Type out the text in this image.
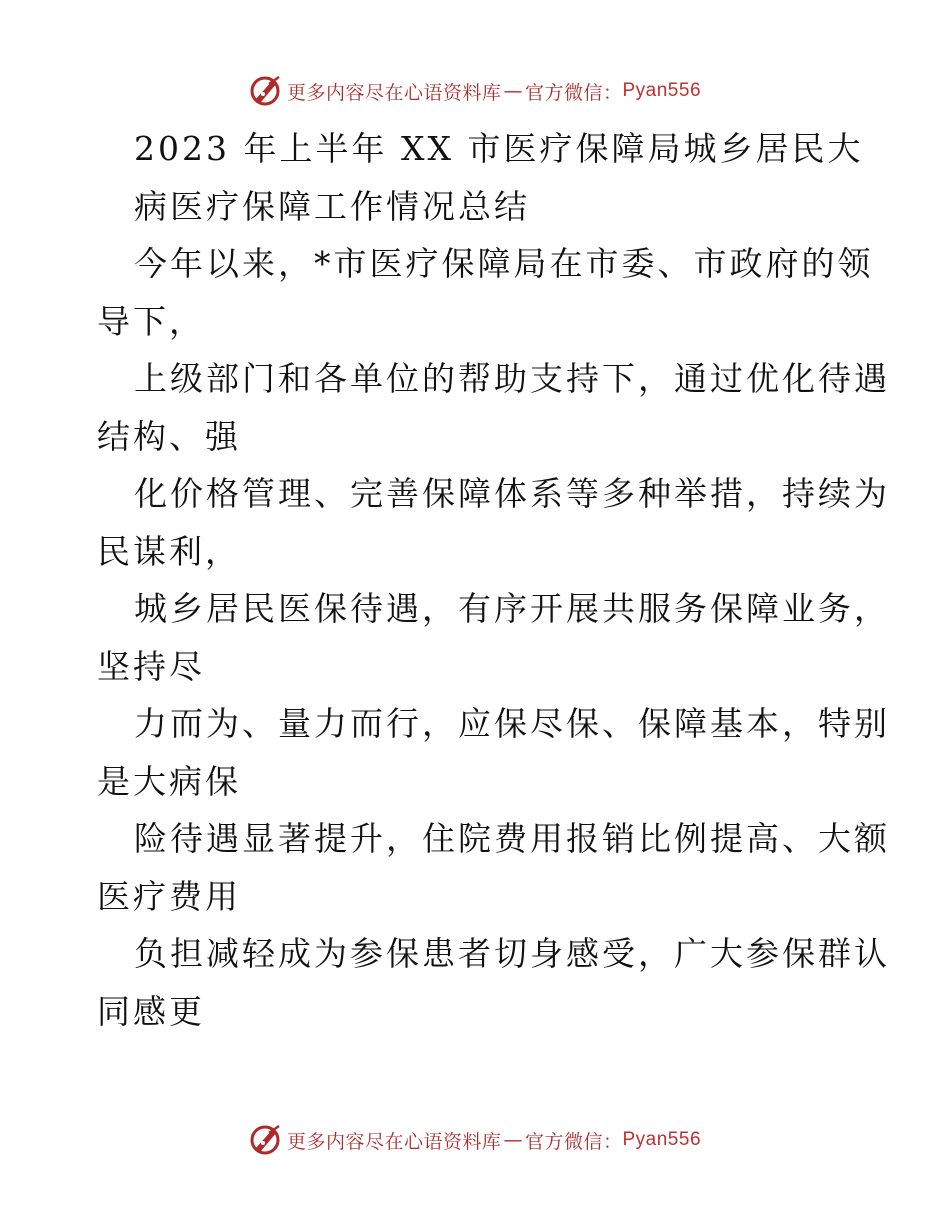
更多内容尽在心语资料库 — 官方微信： Pyan556
2023 年上半年 XX 市医疗保障局城乡居民大
病医疗保障工作情况总结
今年以来，*市医疗保障局在市委、市政府的领
导下，
上级部门和各单位的帮助支持下，通过优化待遇
结构、强
化价格管理、完善保障体系等多种举措，持续为
民谋利，
城乡居民医保待遇，有序开展共服务保障业务，
坚持尽
力而为、量力而行，应保尽保、保障基本，特别
是大病保
险待遇显著提升，住院费用报销比例提高、大额
医疗费用
负担减轻成为参保患者切身感受，广大参保群认
同感更
更多内容尽在心语资料库 — 官方微信： Pyan556
